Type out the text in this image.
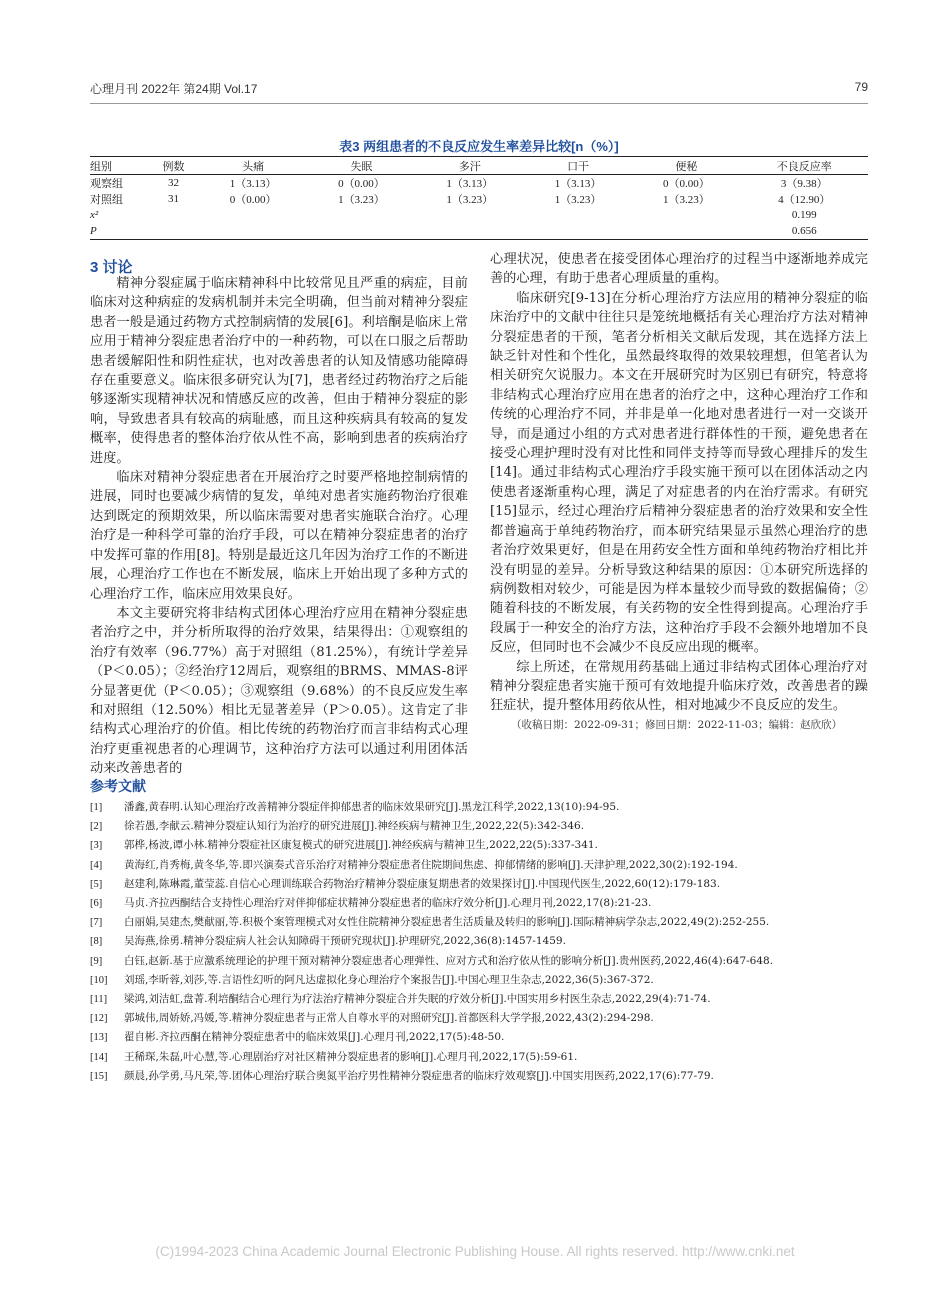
心理月刊 2022年 第24期 Vol.17	79
表3 两组患者的不良反应发生率差异比较[n（%）]
组别	例数	头痛	失眠	多汗	口干	便秘	不良反应率
观察组	32	1（3.13）	0（0.00）	1（3.13）	1（3.13）	0（0.00）	3（9.38）
对照组	31	0（0.00）	1（3.23）	1（3.23）	1（3.23）	1（3.23）	4（12.90）
x²							0.199
P							0.656
3 讨论

精神分裂症属于临床精神科中比较常见且严重的病症，目前临床对这种病症的发病机制并未完全明确，但当前对精神分裂症患者一般是通过药物方式控制病情的发展[6]。利培酮是临床上常应用于精神分裂症患者治疗中的一种药物，可以在口服之后帮助患者缓解阳性和阴性症状，也对改善患者的认知及情感功能障碍存在重要意义。临床很多研究认为[7]，患者经过药物治疗之后能够逐渐实现精神状况和情感反应的改善，但由于精神分裂症的影响，导致患者具有较高的病耻感，而且这种疾病具有较高的复发概率，使得患者的整体治疗依从性不高，影响到患者的疾病治疗进度。

临床对精神分裂症患者在开展治疗之时要严格地控制病情的进展，同时也要减少病情的复发，单纯对患者实施药物治疗很难达到既定的预期效果，所以临床需要对患者实施联合治疗。心理治疗是一种科学可靠的治疗手段，可以在精神分裂症患者的治疗中发挥可靠的作用[8]。特别是最近这几年因为治疗工作的不断进展，心理治疗工作也在不断发展，临床上开始出现了多种方式的心理治疗工作，临床应用效果良好。

本文主要研究将非结构式团体心理治疗应用在精神分裂症患者治疗之中，并分析所取得的治疗效果，结果得出：①观察组的治疗有效率（96.77%）高于对照组（81.25%），有统计学差异（P＜0.05）；②经治疗12周后，观察组的BRMS、MMAS-8评分显著更优（P＜0.05）；③观察组（9.68%）的不良反应发生率和对照组（12.50%）相比无显著差异（P＞0.05）。这肯定了非结构式心理治疗的价值。相比传统的药物治疗而言非结构式心理治疗更重视患者的心理调节，这种治疗方法可以通过利用团体活动来改善患者的

心理状况，使患者在接受团体心理治疗的过程当中逐渐地养成完善的心理，有助于患者心理质量的重构。

临床研究[9-13]在分析心理治疗方法应用的精神分裂症的临床治疗中的文献中往往只是笼统地概括有关心理治疗方法对精神分裂症患者的干预，笔者分析相关文献后发现，其在选择方法上缺乏针对性和个性化，虽然最终取得的效果较理想，但笔者认为相关研究欠说服力。本文在开展研究时为区别已有研究，特意将非结构式心理治疗应用在患者的治疗之中，这种心理治疗工作和传统的心理治疗不同，并非是单一化地对患者进行一对一交谈开导，而是通过小组的方式对患者进行群体性的干预，避免患者在接受心理护理时没有对比性和同伴支持等而导致心理排斥的发生[14]。通过非结构式心理治疗手段实施干预可以在团体活动之内使患者逐渐重构心理，满足了对症患者的内在治疗需求。有研究[15]显示，经过心理治疗后精神分裂症患者的治疗效果和安全性都普遍高于单纯药物治疗，而本研究结果显示虽然心理治疗的患者治疗效果更好，但是在用药安全性方面和单纯药物治疗相比并没有明显的差异。分析导致这种结果的原因：①本研究所选择的病例数相对较少，可能是因为样本量较少而导致的数据偏倚；②随着科技的不断发展，有关药物的安全性得到提高。心理治疗手段属于一种安全的治疗方法，这种治疗手段不会额外地增加不良反应，但同时也不会减少不良反应出现的概率。

综上所述，在常规用药基础上通过非结构式团体心理治疗对精神分裂症患者实施干预可有效地提升临床疗效，改善患者的躁狂症状，提升整体用药依从性，相对地减少不良反应的发生。

（收稿日期：2022-09-31；修回日期：2022-11-03；编辑：赵欣欣）

参考文献
[1] 潘鑫,黄春明.认知心理治疗改善精神分裂症伴抑郁患者的临床效果研究[J].黑龙江科学,2022,13(10):94-95.
[2] 徐若愚,李献云.精神分裂症认知行为治疗的研究进展[J].神经疾病与精神卫生,2022,22(5):342-346.
[3] 郭桦,杨波,谭小林.精神分裂症社区康复模式的研究进展[J].神经疾病与精神卫生,2022,22(5):337-341.
[4] 黄海红,肖秀梅,黄冬华,等.即兴演奏式音乐治疗对精神分裂症患者住院期间焦虑、抑郁情绪的影响[J].天津护理,2022,30(2):192-194.
[5] 赵建利,陈琳霞,董莹蕊.自信心心理训练联合药物治疗精神分裂症康复期患者的效果探讨[J].中国现代医生,2022,60(12):179-183.
[6] 马贞.齐拉西酮结合支持性心理治疗对伴抑郁症状精神分裂症患者的临床疗效分析[J].心理月刊,2022,17(8):21-23.
[7] 白丽娟,吴建杰,樊献丽,等.积极个案管理模式对女性住院精神分裂症患者生活质量及转归的影响[J].国际精神病学杂志,2022,49(2):252-255.
[8] 吴海燕,徐勇.精神分裂症病人社会认知障碍干预研究现状[J].护理研究,2022,36(8):1457-1459.
[9] 白钰,赵新.基于应激系统理论的护理干预对精神分裂症患者心理弹性、应对方式和治疗依从性的影响分析[J].贵州医药,2022,46(4):647-648.
[10] 刘瑶,李昕蓉,刘莎,等.言语性幻听的阿凡达虚拟化身心理治疗个案报告[J].中国心理卫生杂志,2022,36(5):367-372.
[11] 梁鸿,刘洁虹,盘菁.利培酮结合心理行为疗法治疗精神分裂症合并失眠的疗效分析[J].中国实用乡村医生杂志,2022,29(4):71-74.
[12] 郭城伟,周娇娇,冯媛,等.精神分裂症患者与正常人自尊水平的对照研究[J].首都医科大学学报,2022,43(2):294-298.
[13] 翟自彬.齐拉西酮在精神分裂症患者中的临床效果[J].心理月刊,2022,17(5):48-50.
[14] 王稀琛,朱磊,叶心慧,等.心理剧治疗对社区精神分裂症患者的影响[J].心理月刊,2022,17(5):59-61.
[15] 颜晨,孙学勇,马凡荣,等.团体心理治疗联合奥氮平治疗男性精神分裂症患者的临床疗效观察[J].中国实用医药,2022,17(6):77-79.
(C)1994-2023 China Academic Journal Electronic Publishing House. All rights reserved. http://www.cnki.net
